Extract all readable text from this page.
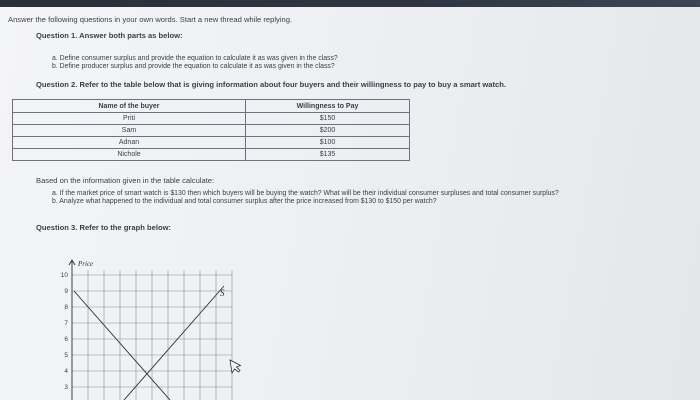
Answer the following questions in your own words. Start a new thread while replying.
Question 1. Answer both parts as below:
a. Define consumer surplus and provide the equation to calculate it as was given in the class?
b. Define producer surplus and provide the equation to calculate it as was given in the class?
Question 2. Refer to the table below that is giving information about four buyers and their willingness to pay to buy a smart watch.
Name of the buyer	Willingness to Pay
Priti	$150
Sam	$200
Adnan	$100
Nichole	$135
Based on the information given in the table calculate:
a. If the market price of smart watch is $130 then which buyers will be buying the watch? What will be their individual consumer surpluses and total consumer surplus?
b. Analyze what happened to the individual and total consumer surplus after the price increased from $130 to $150 per watch?
Question 3. Refer to the graph below:
Price
S
10
9
8
7
6
5
4
3
